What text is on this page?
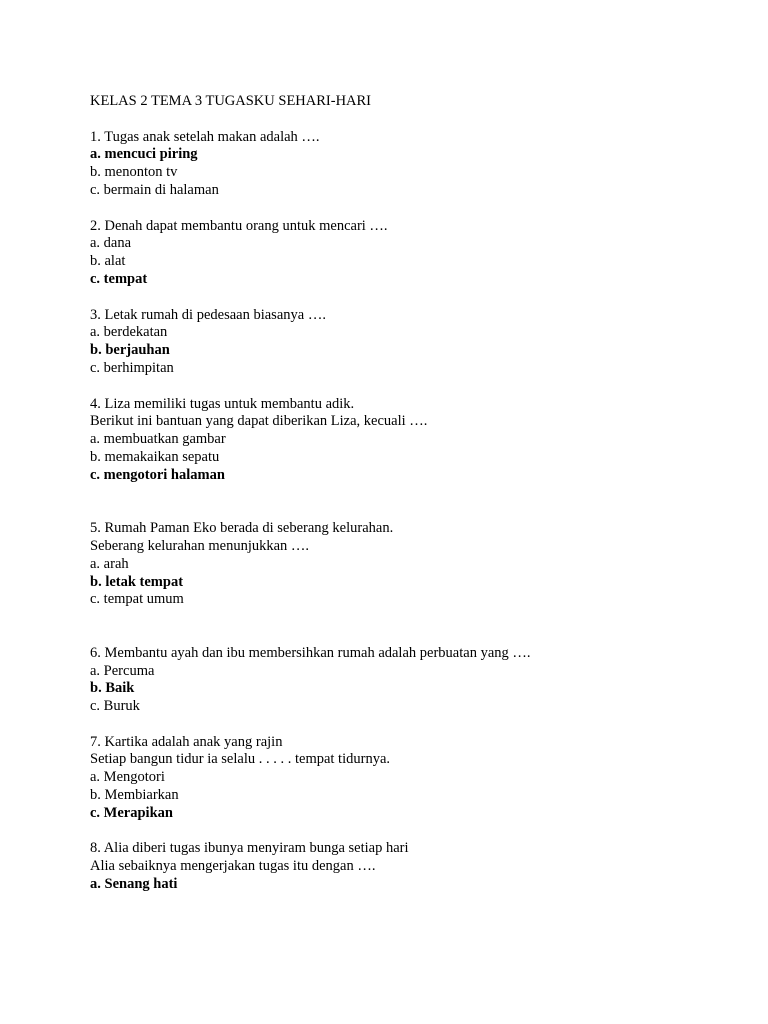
KELAS 2 TEMA 3 TUGASKU SEHARI-HARI
1. Tugas anak setelah makan adalah ….
a. mencuci piring
b. menonton tv
c. bermain di halaman
2. Denah dapat membantu orang untuk mencari ….
a. dana
b. alat
c. tempat
3. Letak rumah di pedesaan biasanya ….
a. berdekatan
b. berjauhan
c. berhimpitan
4. Liza memiliki tugas untuk membantu adik.
Berikut ini bantuan yang dapat diberikan Liza, kecuali ….
a. membuatkan gambar
b. memakaikan sepatu
c. mengotori halaman
5. Rumah Paman Eko berada di seberang kelurahan.
Seberang kelurahan menunjukkan ….
a. arah
b. letak tempat
c. tempat umum
6. Membantu ayah dan ibu membersihkan rumah adalah perbuatan yang ….
a. Percuma
b. Baik
c. Buruk
7. Kartika adalah anak yang rajin
Setiap bangun tidur ia selalu . . . . . tempat tidurnya.
a. Mengotori
b. Membiarkan
c. Merapikan
8. Alia diberi tugas ibunya menyiram bunga setiap hari
Alia sebaiknya mengerjakan tugas itu dengan ….
a. Senang hati
